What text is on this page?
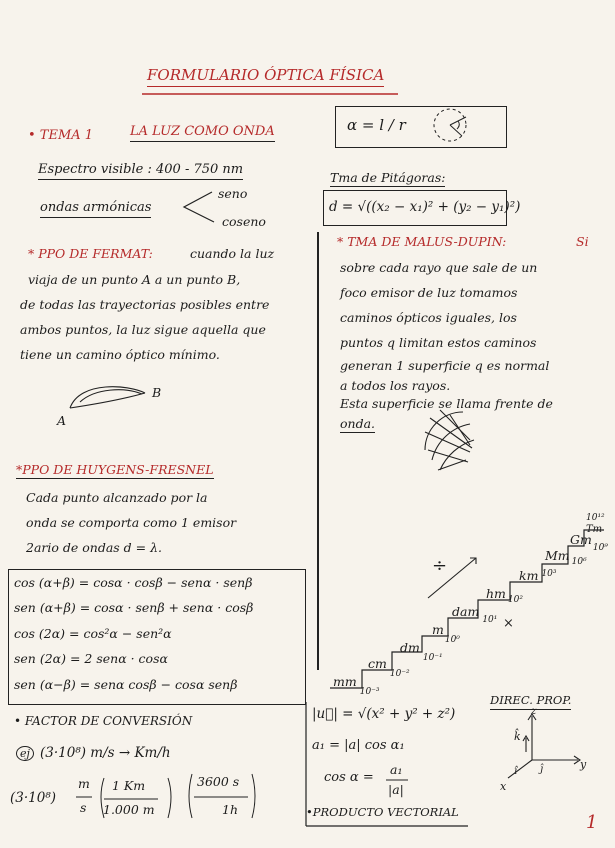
FORMULARIO ÓPTICA FÍSICA
• TEMA 1	LA LUZ COMO ONDA	α = l / r
Espectro visible : 400 - 750 nm
ondas armónicas
seno
coseno
Tma de Pitágoras:
d = √((x₂ − x₁)² + (y₂ − y₁)²)
* PPO DE FERMAT:	cuando la luz
viaja de un punto A a un punto B,
de todas las trayectorias posibles entre
ambos puntos, la luz sigue aquella que
tiene un camino óptico mínimo.
A
B
* TMA DE MALUS-DUPIN:	Si
sobre cada rayo que sale de un
foco emisor de luz tomamos
caminos ópticos iguales, los
puntos q limitan estos caminos
generan 1 superficie q es normal
a todos los rayos.
Esta superficie se llama frente de
onda.
*PPO DE HUYGENS-FRESNEL
Cada punto alcanzado por la
onda se comporta como 1 emisor
2ario de ondas d = λ.
cos (α+β) = cosα · cosβ − senα · senβ
sen (α+β) = cosα · senβ + senα · cosβ
cos (2α) = cos²α − sen²α
sen (2α) = 2 senα · cosα
sen (α−β) = senα cosβ − cosα senβ
÷
×
$mm_{10^{-3}}$
$cm_{10^{-2}}$
$dm_{10^{-1}}$
$m_{10^0}$
dam$_{10^1}$
hm $_{10^2}$
km $^{10^3}$
Mm $_{10^6}$
$Gm_{10^9}$
10¹²
Tm
• FACTOR DE CONVERSIÓN
ej (3·10⁸) m/s → Km/h
(3·10⁸)
m
s
1 Km
1.000 m
3600 s
1h
|u⃗| = √(x² + y² + z²)
a₁ = |a| cos α₁
cos α =
a₁
|a|
•PRODUCTO VECTORIAL
DIREC. PROP.
z
y
x
k̂
î ĵ
1
